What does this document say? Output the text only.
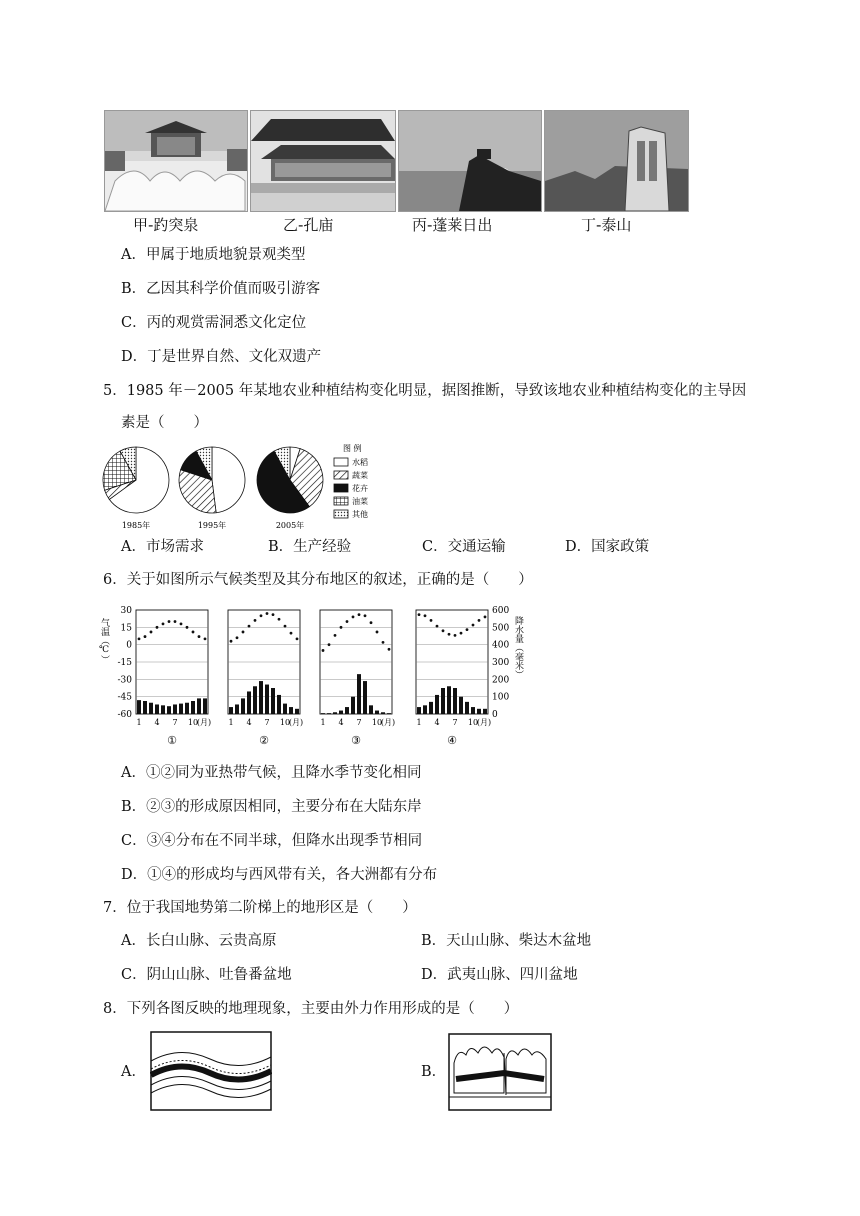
甲-趵突泉	乙-孔庙	丙-蓬莱日出	丁-泰山
A．甲属于地质地貌景观类型
B．乙因其科学价值而吸引游客
C．丙的观赏需洞悉文化定位
D．丁是世界自然、文化双遗产
5．1985 年－2005 年某地农业种植结构变化明显，据图推断，导致该地农业种植结构变化的主导因
素是（　　）
1985年	1995年	2005年
图 例
水稻
蔬菜
花卉
油菜
其他
A．市场需求	B．生产经验	C．交通运输	D．国家政策
6．关于如图所示气候类型及其分布地区的叙述，正确的是（　　）
气温（℃）
30
15
0
-15
-30
-45
-60
600
500
400
300
200
100
0
降水量（毫米）
1 4 7 10
(月)
①
1 4 7 10
(月)
②
1 4 7 10
(月)
③
1 4 7 10
(月)
④
A．①②同为亚热带气候，且降水季节变化相同
B．②③的形成原因相同，主要分布在大陆东岸
C．③④分布在不同半球，但降水出现季节相同
D．①④的形成均与西风带有关，各大洲都有分布
7．位于我国地势第二阶梯上的地形区是（　　）
A．长白山脉、云贵高原	B．天山山脉、柴达木盆地
C．阴山山脉、吐鲁番盆地	D．武夷山脉、四川盆地
8．下列各图反映的地理现象，主要由外力作用形成的是（　　）
A．	B．
